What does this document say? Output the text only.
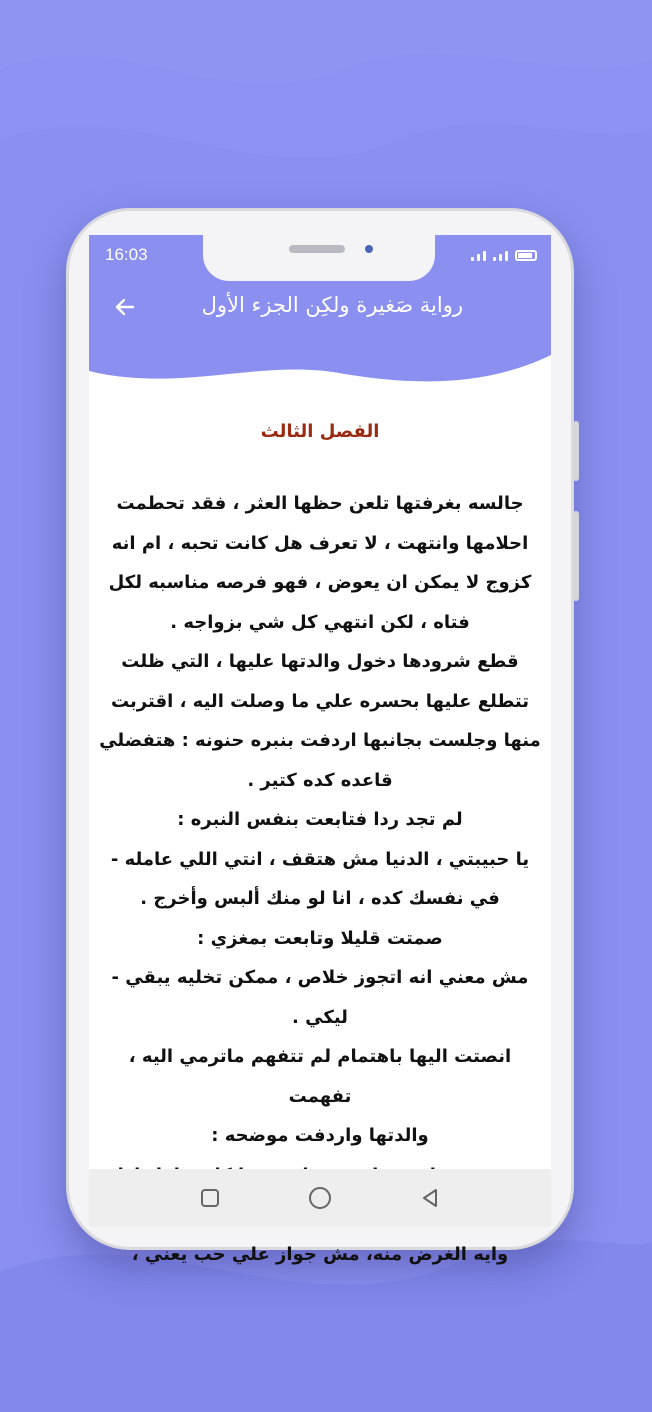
16:03
رواية صَغيرة ولكِن الجزء الأول
الفصل الثالث
جالسه بغرفتها تلعن حظها العثر ، فقد تحطمت
احلامها وانتهت ، لا تعرف هل كانت تحبه ، ام انه
كزوج لا يمكن ان يعوض ، فهو فرصه مناسبه لكل
فتاه ، لكن انتهي كل شي بزواجه .
قطع شرودها دخول والدتها عليها ، التي ظلت
تتطلع عليها بحسره علي ما وصلت اليه ، اقتربت
منها وجلست بجانبها اردفت بنبره حنونه : هتفضلي
قاعده كده كتير .
لم تجد ردا فتابعت بنفس النبره :
يا حبيبتي ، الدنيا مش هتقف ، انتي اللي عامله -
في نفسك كده ، انا لو منك ألبس وأخرج .
صمتت قليلا وتابعت بمغزي :
مش معني انه اتجوز خلاص ، ممكن تخليه يبقي -
ليكي .
انصتت اليها باهتمام لم تتفهم ماترمي اليه ، تفهمت
والدتها واردفت موضحه :

وايه الغرض منه، مش جواز علي حب يعني ،
